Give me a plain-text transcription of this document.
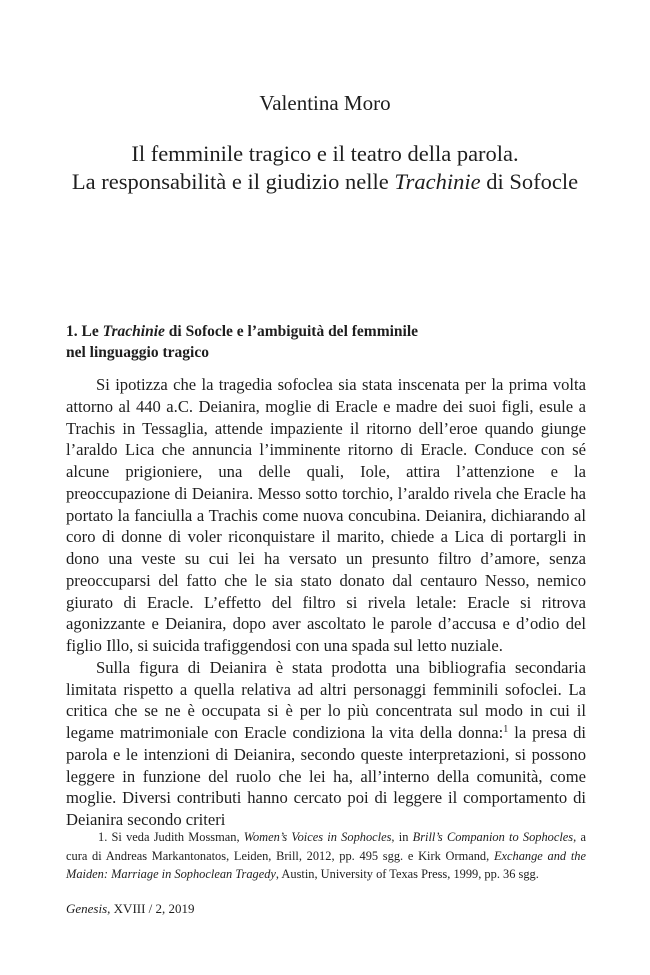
Valentina Moro
Il femminile tragico e il teatro della parola.
La responsabilità e il giudizio nelle Trachinie di Sofocle
1. Le Trachinie di Sofocle e l’ambiguità del femminile
nel linguaggio tragico

Si ipotizza che la tragedia sofoclea sia stata inscenata per la prima volta attorno al 440 a.C. Deianira, moglie di Eracle e madre dei suoi figli, esule a Trachis in Tessaglia, attende impaziente il ritorno dell’eroe quando giunge l’araldo Lica che annuncia l’imminente ritorno di Eracle. Conduce con sé alcune prigioniere, una delle quali, Iole, attira l’attenzione e la preoccupazione di Deianira. Messo sotto torchio, l’araldo rivela che Eracle ha portato la fanciulla a Trachis come nuova concubina. Deianira, dichiarando al coro di donne di voler riconquistare il marito, chiede a Lica di portargli in dono una veste su cui lei ha versato un presunto filtro d’amore, senza preoccuparsi del fatto che le sia stato donato dal centauro Nesso, nemico giurato di Eracle. L’effetto del filtro si rivela letale: Eracle si ritrova agonizzante e Deianira, dopo aver ascoltato le parole d’accusa e d’odio del figlio Illo, si suicida trafiggendosi con una spada sul letto nuziale.

Sulla figura di Deianira è stata prodotta una bibliografia secondaria limitata rispetto a quella relativa ad altri personaggi femminili sofoclei. La critica che se ne è occupata si è per lo più concentrata sul modo in cui il legame matrimoniale con Eracle condiziona la vita della donna:$^1$ la presa di parola e le intenzioni di Deianira, secondo queste interpretazioni, si possono leggere in funzione del ruolo che lei ha, all’interno della comunità, come moglie. Diversi contributi hanno cercato poi di leggere il comportamento di Deianira secondo criteri

1. Si veda Judith Mossman, Women’s Voices in Sophocles, in Brill’s Companion to Sophocles, a cura di Andreas Markantonatos, Leiden, Brill, 2012, pp. 495 sgg. e Kirk Ormand, Exchange and the Maiden: Marriage in Sophoclean Tragedy, Austin, University of Texas Press, 1999, pp. 36 sgg.
Genesis, XVIII / 2, 2019
